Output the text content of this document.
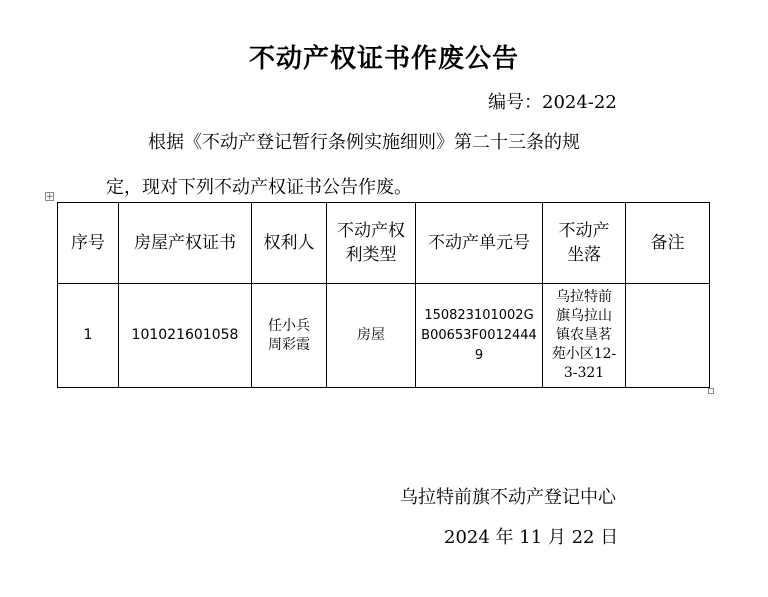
不动产权证书作废公告
编号：2024-22
根据《不动产登记暂行条例实施细则》第二十三条的规
定，现对下列不动产权证书公告作废。
+
序号	房屋产权证书	权利人	不动产权利类型	不动产单元号	不动产坐落	备注
1	101021601058	任小兵周彩霞	房屋	150823101002GB00653F00124449	乌拉特前旗乌拉山镇农垦茗苑小区12-3-321	
乌拉特前旗不动产登记中心
2024 年 11 月 22 日
